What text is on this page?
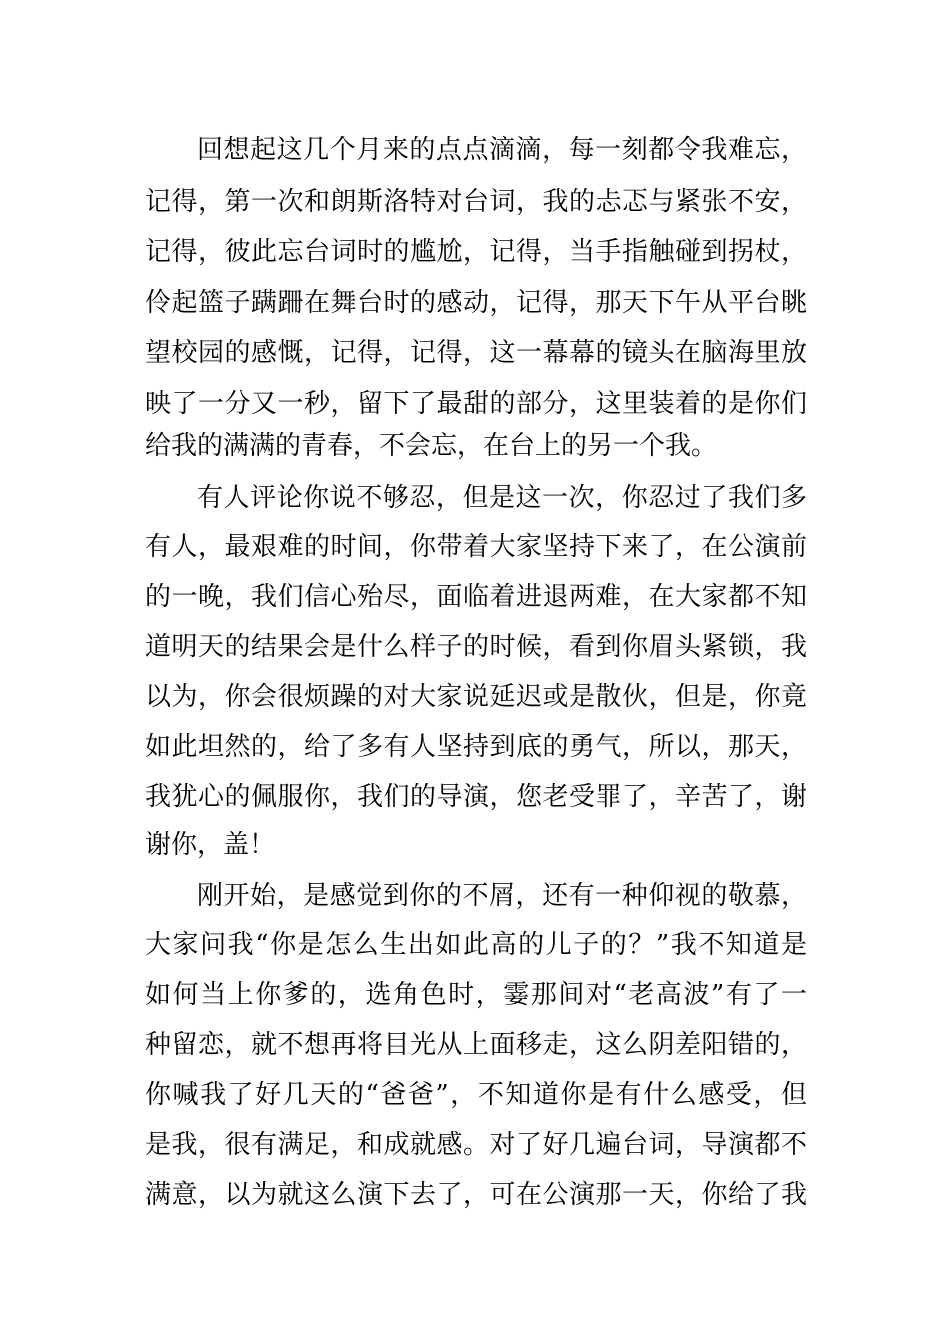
回想起这几个月来的点点滴滴，每一刻都令我难忘，
记得，第一次和朗斯洛特对台词，我的忐忑与紧张不安，
记得，彼此忘台词时的尴尬，记得，当手指触碰到拐杖，
伶起篮子蹒跚在舞台时的感动，记得，那天下午从平台眺
望校园的感慨，记得，记得，这一幕幕的镜头在脑海里放
映了一分又一秒，留下了最甜的部分，这里装着的是你们
给我的满满的青春，不会忘，在台上的另一个我。
有人评论你说不够忍，但是这一次，你忍过了我们多
有人，最艰难的时间，你带着大家坚持下来了，在公演前
的一晚，我们信心殆尽，面临着进退两难，在大家都不知
道明天的结果会是什么样子的时候，看到你眉头紧锁，我
以为，你会很烦躁的对大家说延迟或是散伙，但是，你竟
如此坦然的，给了多有人坚持到底的勇气，所以，那天，
我犹心的佩服你，我们的导演，您老受罪了，辛苦了，谢
谢你，盖！
刚开始，是感觉到你的不屑，还有一种仰视的敬慕，
大家问我“你是怎么生出如此高的儿子的？”我不知道是
如何当上你爹的，选角色时，霎那间对“老高波”有了一
种留恋，就不想再将目光从上面移走，这么阴差阳错的，
你喊我了好几天的“爸爸”，不知道你是有什么感受，但
是我，很有满足，和成就感。对了好几遍台词，导演都不
满意，以为就这么演下去了，可在公演那一天，你给了我
